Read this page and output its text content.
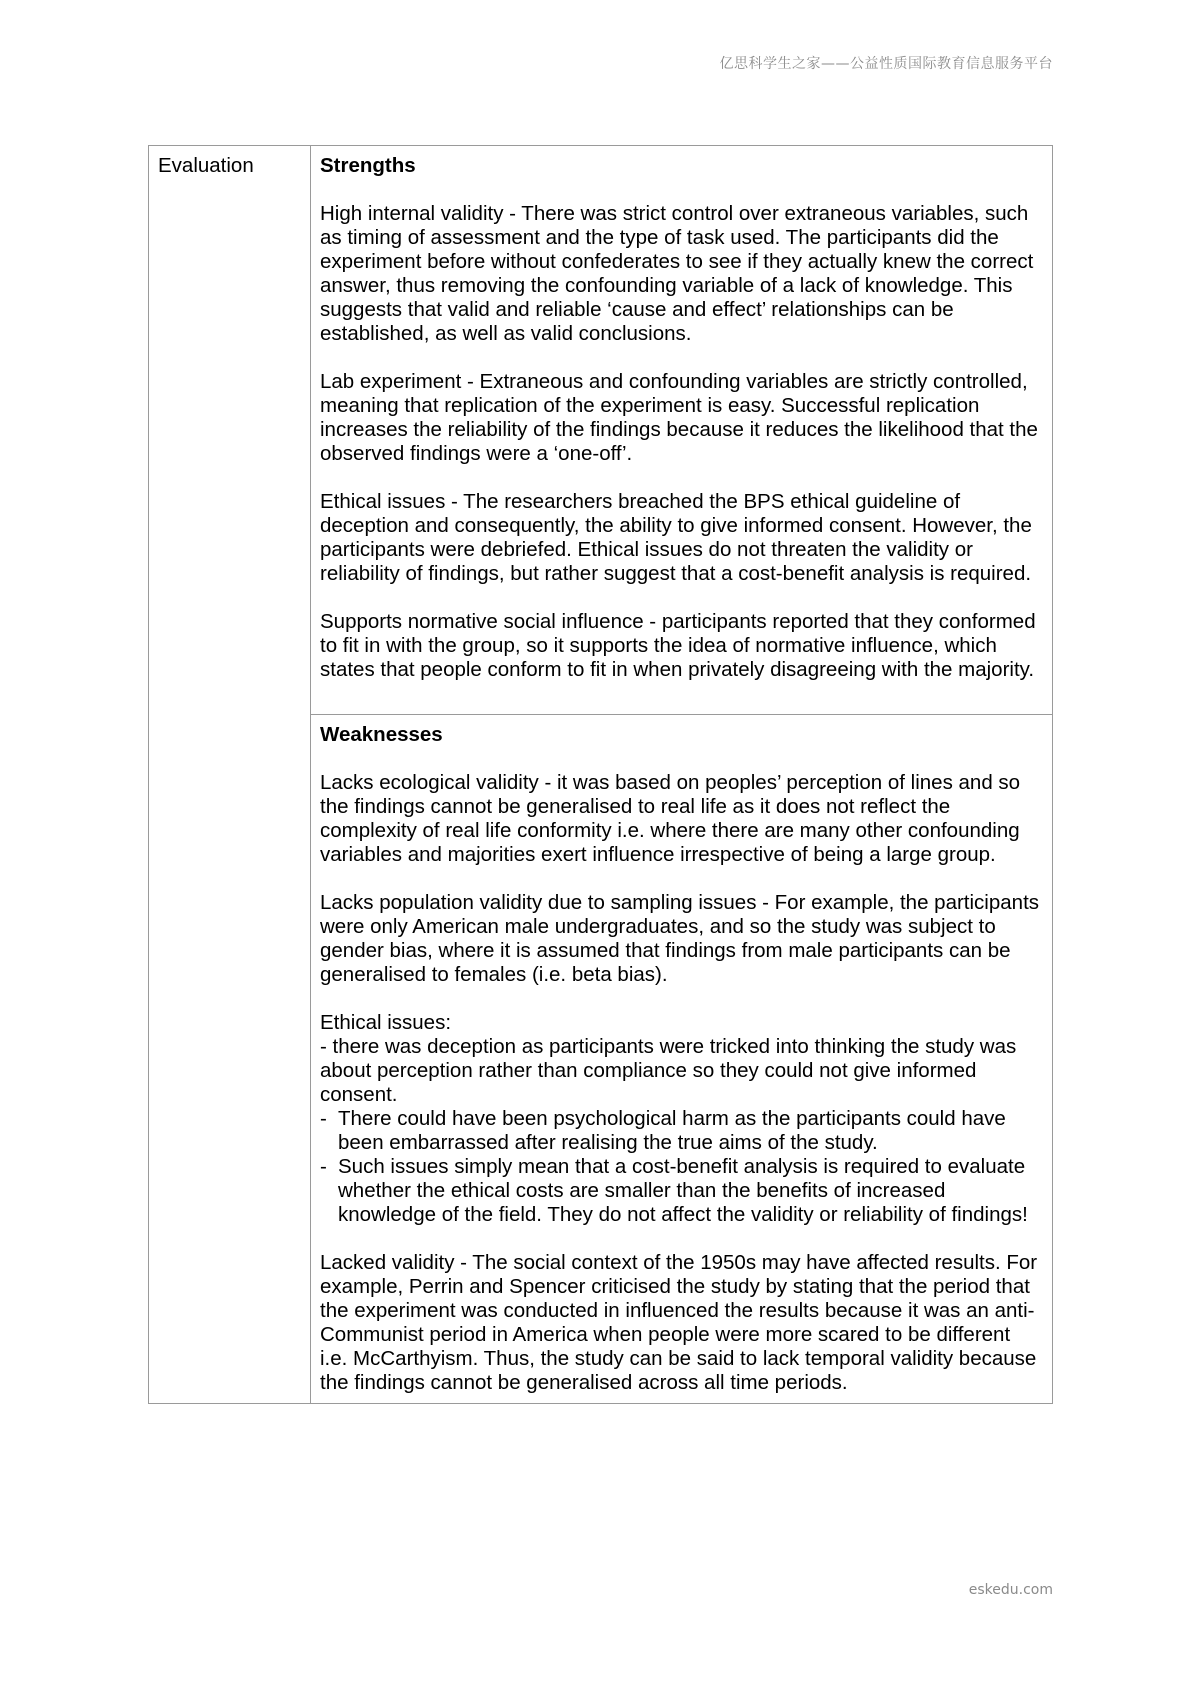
亿思科学生之家——公益性质国际教育信息服务平台
Evaluation	Strengths

High internal validity - There was strict control over extraneous variables, such as timing of assessment and the type of task used. The participants did the experiment before without confederates to see if they actually knew the correct answer, thus removing the confounding variable of a lack of knowledge. This suggests that valid and reliable ‘cause and effect’ relationships can be established, as well as valid conclusions.

Lab experiment - Extraneous and confounding variables are strictly controlled, meaning that replication of the experiment is easy. Successful replication increases the reliability of the findings because it reduces the likelihood that the observed findings were a ‘one-off’.

Ethical issues - The researchers breached the BPS ethical guideline of deception and consequently, the ability to give informed consent. However, the participants were debriefed. Ethical issues do not threaten the validity or reliability of findings, but rather suggest that a cost-benefit analysis is required.

Supports normative social influence - participants reported that they conformed to fit in with the group, so it supports the idea of normative influence, which states that people conform to fit in when privately disagreeing with the majority.

Weaknesses

Lacks ecological validity - it was based on peoples’ perception of lines and so the findings cannot be generalised to real life as it does not reflect the complexity of real life conformity i.e. where there are many other confounding variables and majorities exert influence irrespective of being a large group.

Lacks population validity due to sampling issues - For example, the participants were only American male undergraduates, and so the study was subject to gender bias, where it is assumed that findings from male participants can be generalised to females (i.e. beta bias).

Ethical issues:
- there was deception as participants were tricked into thinking the study was about perception rather than compliance so they could not give informed consent.
- There could have been psychological harm as the participants could have been embarrassed after realising the true aims of the study.
- Such issues simply mean that a cost-benefit analysis is required to evaluate whether the ethical costs are smaller than the benefits of increased knowledge of the field. They do not affect the validity or reliability of findings!

Lacked validity - The social context of the 1950s may have affected results. For example, Perrin and Spencer criticised the study by stating that the period that the experiment was conducted in influenced the results because it was an anti-Communist period in America when people were more scared to be different i.e. McCarthyism. Thus, the study can be said to lack temporal validity because the findings cannot be generalised across all time periods.

eskedu.com
